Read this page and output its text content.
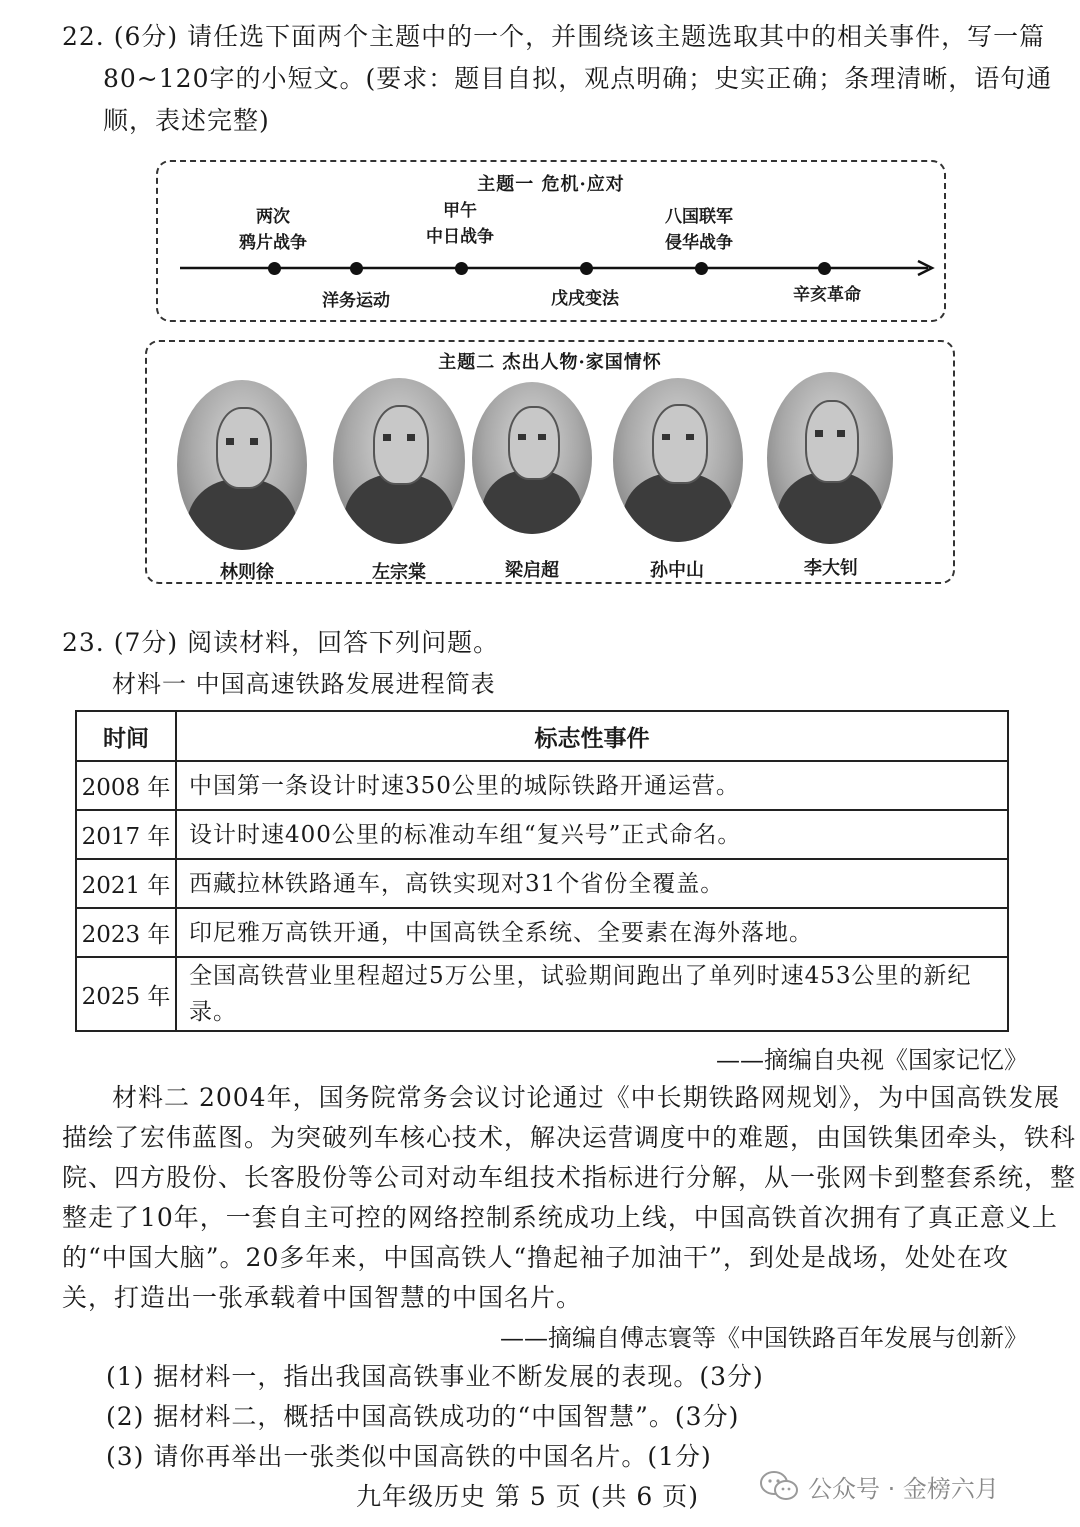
22. (6分) 请任选下面两个主题中的一个，并围绕该主题选取其中的相关事件，写一篇
80~120字的小短文。(要求：题目自拟，观点明确；史实正确；条理清晰，语句通
顺，表述完整)
主题一 危机·应对
两次
鸦片战争
甲午
中日战争
八国联军
侵华战争
洋务运动	戊戌变法	辛亥革命
主题二 杰出人物·家国情怀
林则徐	左宗棠	梁启超	孙中山	李大钊
23. (7分) 阅读材料，回答下列问题。
材料一 中国高速铁路发展进程简表
时间	标志性事件
2008 年	中国第一条设计时速350公里的城际铁路开通运营。
2017 年	设计时速400公里的标准动车组“复兴号”正式命名。
2021 年	西藏拉林铁路通车，高铁实现对31个省份全覆盖。
2023 年	印尼雅万高铁开通，中国高铁全系统、全要素在海外落地。
2025 年	全国高铁营业里程超过5万公里，试验期间跑出了单列时速453公里的新纪录。
——摘编自央视《国家记忆》
材料二 2004年，国务院常务会议讨论通过《中长期铁路网规划》，为中国高铁发展
描绘了宏伟蓝图。为突破列车核心技术，解决运营调度中的难题，由国铁集团牵头，铁科
院、四方股份、长客股份等公司对动车组技术指标进行分解，从一张网卡到整套系统，整
整走了10年，一套自主可控的网络控制系统成功上线，中国高铁首次拥有了真正意义上
的“中国大脑”。20多年来，中国高铁人“撸起袖子加油干”，到处是战场，处处在攻
关，打造出一张承载着中国智慧的中国名片。
——摘编自傅志寰等《中国铁路百年发展与创新》
(1) 据材料一，指出我国高铁事业不断发展的表现。(3分)
(2) 据材料二，概括中国高铁成功的“中国智慧”。(3分)
(3) 请你再举出一张类似中国高铁的中国名片。(1分)
九年级历史 第 5 页 (共 6 页)	公众号 · 金榜六月
